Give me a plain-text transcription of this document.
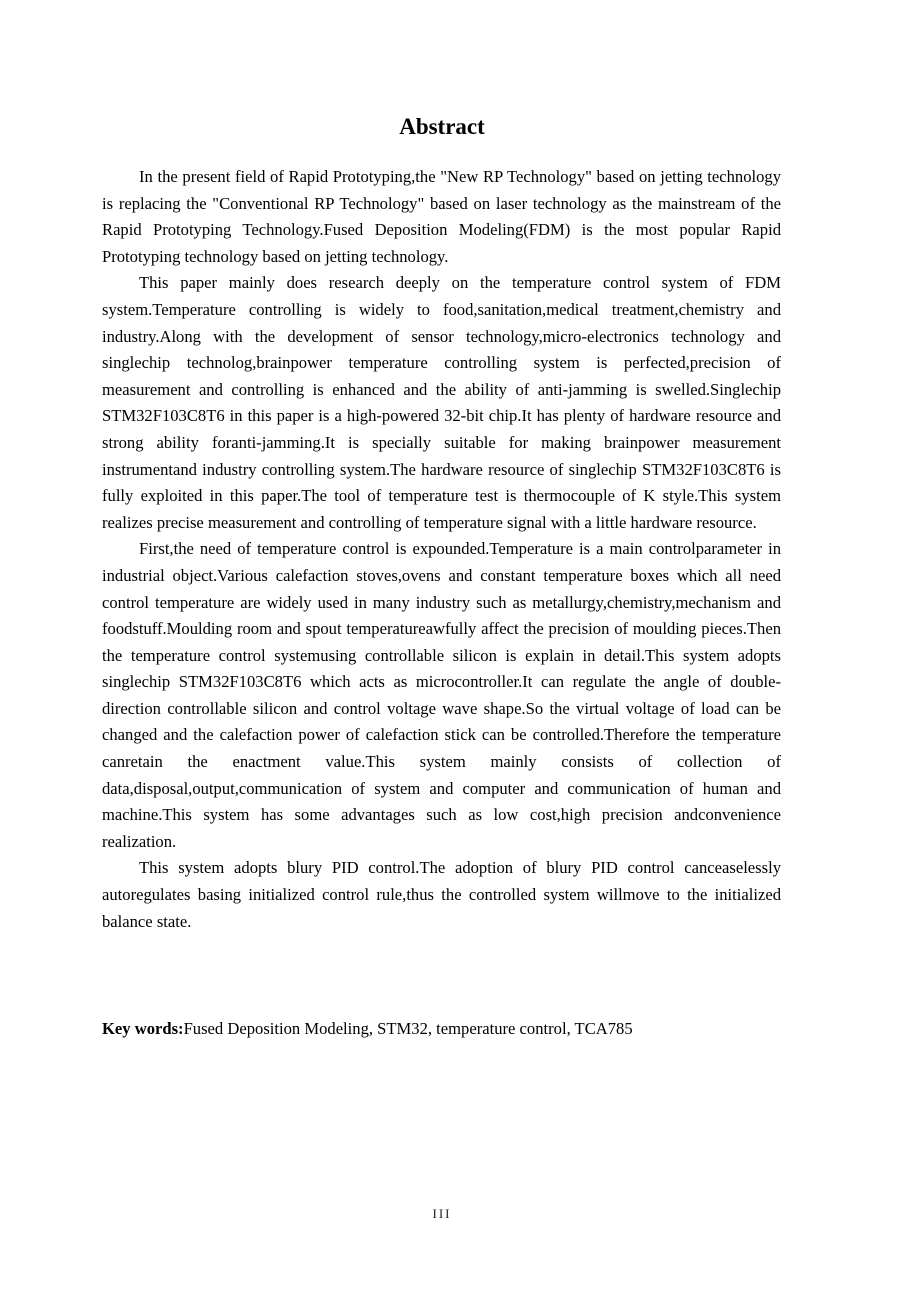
Abstract

In the present field of Rapid Prototyping,the "New RP Technology" based on jetting technology is replacing the "Conventional RP Technology" based on laser technology as the mainstream of the Rapid Prototyping Technology.Fused Deposition Modeling(FDM) is the most popular Rapid Prototyping technology based on jetting technology.

This paper mainly does research deeply on the temperature control system of FDM system.Temperature controlling is widely to food,sanitation,medical treatment,chemistry and industry.Along with the development of sensor technology,micro-electronics technology and singlechip technolog,brainpower temperature controlling system is perfected,precision of measurement and controlling is enhanced and the ability of anti-jamming is swelled.Singlechip STM32F103C8T6 in this paper is a high-powered 32-bit chip.It has plenty of hardware resource and strong ability foranti-jamming.It is specially suitable for making brainpower measurement instrumentand industry controlling system.The hardware resource of singlechip STM32F103C8T6 is fully exploited in this paper.The tool of temperature test is thermocouple of K style.This system realizes precise measurement and controlling of temperature signal with a little hardware resource.

First,the need of temperature control is expounded.Temperature is a main controlparameter in industrial object.Various calefaction stoves,ovens and constant temperature boxes which all need control temperature are widely used in many industry such as metallurgy,chemistry,mechanism and foodstuff.Moulding room and spout temperatureawfully affect the precision of moulding pieces.Then the temperature control systemusing controllable silicon is explain in detail.This system adopts singlechip STM32F103C8T6 which acts as microcontroller.It can regulate the angle of double-direction controllable silicon and control voltage wave shape.So the virtual voltage of load can be changed and the calefaction power of calefaction stick can be controlled.Therefore the temperature canretain the enactment value.This system mainly consists of collection of data,disposal,output,communication of system and computer and communication of human and machine.This system has some advantages such as low cost,high precision andconvenience realization.

This system adopts blury PID control.The adoption of blury PID control canceaselessly autoregulates basing initialized control rule,thus the controlled system willmove to the initialized balance state.

Key words:Fused Deposition Modeling, STM32, temperature control, TCA785
III
